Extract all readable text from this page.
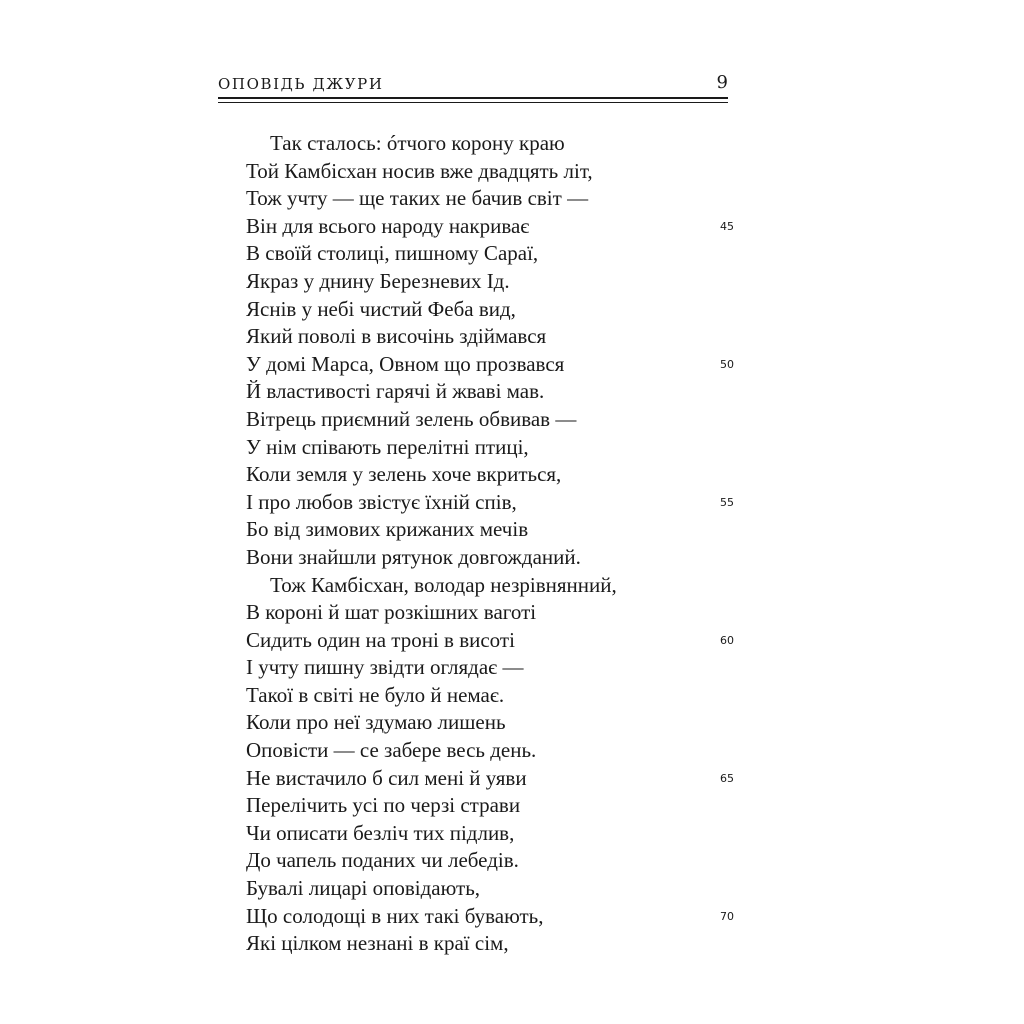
ОПОВІДЬ ДЖУРИ	9
Так сталось: óтчого корону краю
Той Камбісхан носив вже двадцять літ,
Тож учту — ще таких не бачив світ —
Він для всього народу накриває	45
В своїй столиці, пишному Сараї,
Якраз у днину Березневих Ід.
Яснів у небі чистий Феба вид,
Який поволі в височінь здіймався
У домі Марса, Овном що прозвався	50
Й властивості гарячі й жваві мав.
Вітрець приємний зелень обвивав —
У нім співають перелітні птиці,
Коли земля у зелень хоче вкриться,
І про любов звістує їхній спів,	55
Бо від зимових крижаних мечів
Вони знайшли рятунок довгожданий.
Тож Камбісхан, володар незрівнянний,
В короні й шат розкішних ваготі
Сидить один на троні в висоті	60
І учту пишну звідти оглядає —
Такої в світі не було й немає.
Коли про неї здумаю лишень
Оповісти — се забере весь день.
Не вистачило б сил мені й уяви	65
Перелічить усі по черзі страви
Чи описати безліч тих підлив,
До чапель поданих чи лебедів.
Бувалі лицарі оповідають,
Що солодощі в них такі бувають,	70
Які цілком незнані в краї сім,
